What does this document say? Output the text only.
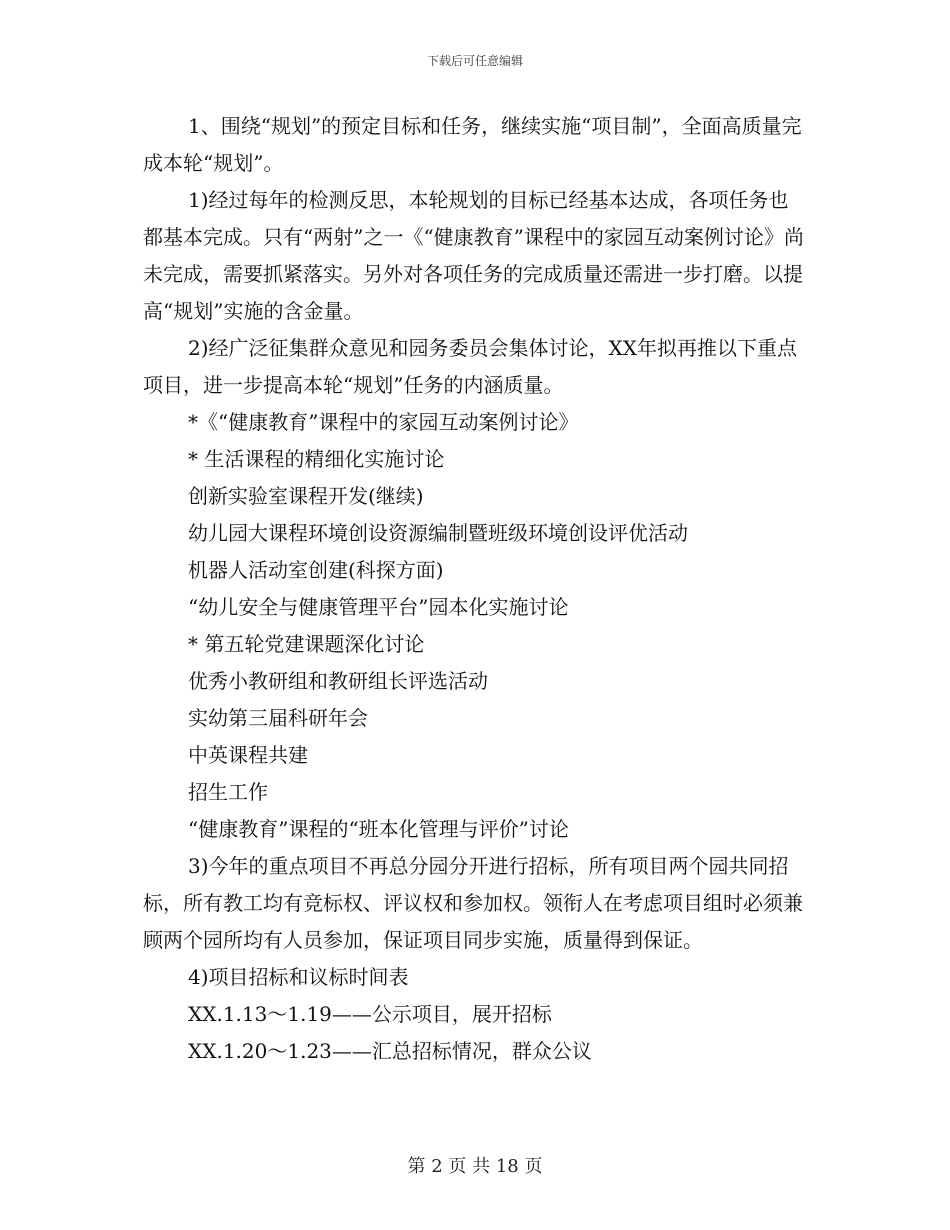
下载后可任意编辑

1、围绕“规划”的预定目标和任务，继续实施“项目制”，全面高质量完成本轮“规划”。

1)经过每年的检测反思，本轮规划的目标已经基本达成，各项任务也都基本完成。只有“两射”之一《“健康教育”课程中的家园互动案例讨论》尚未完成，需要抓紧落实。另外对各项任务的完成质量还需进一步打磨。以提高“规划”实施的含金量。

2)经广泛征集群众意见和园务委员会集体讨论，XX年拟再推以下重点项目，进一步提高本轮“规划”任务的内涵质量。

*《“健康教育”课程中的家园互动案例讨论》

* 生活课程的精细化实施讨论

创新实验室课程开发(继续)

幼儿园大课程环境创设资源编制暨班级环境创设评优活动

机器人活动室创建(科探方面)

“幼儿安全与健康管理平台”园本化实施讨论

* 第五轮党建课题深化讨论

优秀小教研组和教研组长评选活动

实幼第三届科研年会

中英课程共建

招生工作

“健康教育”课程的“班本化管理与评价”讨论

3)今年的重点项目不再总分园分开进行招标，所有项目两个园共同招标，所有教工均有竞标权、评议权和参加权。领衔人在考虑项目组时必须兼顾两个园所均有人员参加，保证项目同步实施，质量得到保证。

4)项目招标和议标时间表

XX.1.13～1.19——公示项目，展开招标

XX.1.20～1.23——汇总招标情况，群众公议

第 2 页 共 18 页
